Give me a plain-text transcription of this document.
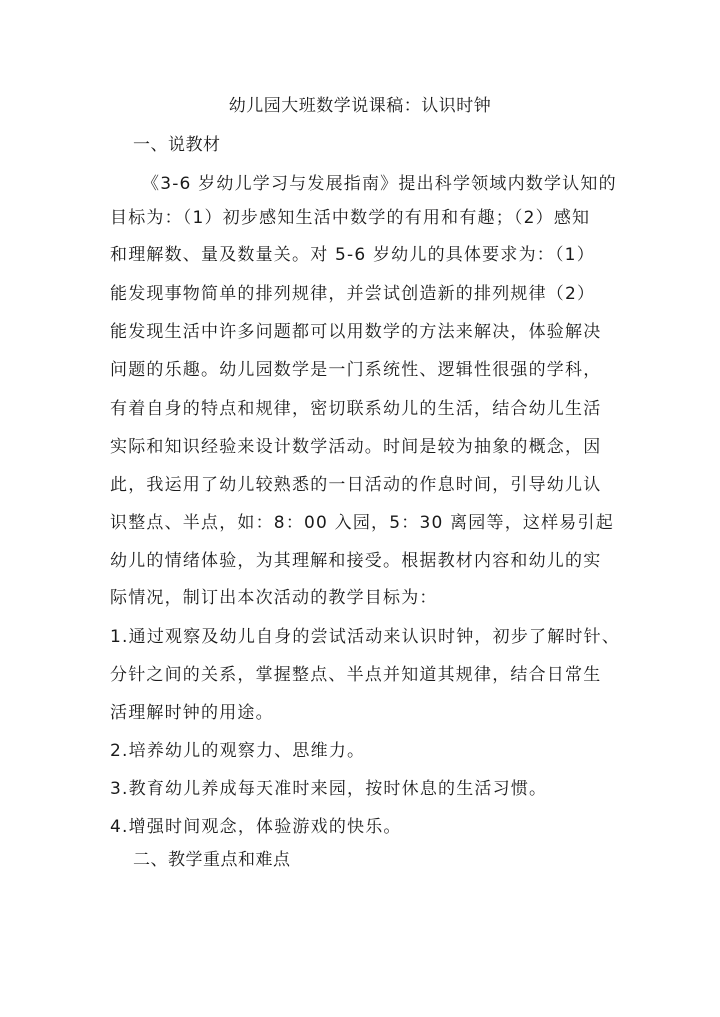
幼儿园大班数学说课稿：认识时钟
一、说教材
《3-6 岁幼儿学习与发展指南》提出科学领域内数学认知的
目标为：（1）初步感知生活中数学的有用和有趣；（2）感知
和理解数、量及数量关。对 5-6 岁幼儿的具体要求为：（1）
能发现事物简单的排列规律，并尝试创造新的排列规律（2）
能发现生活中许多问题都可以用数学的方法来解决，体验解决
问题的乐趣。幼儿园数学是一门系统性、逻辑性很强的学科，
有着自身的特点和规律，密切联系幼儿的生活，结合幼儿生活
实际和知识经验来设计数学活动。时间是较为抽象的概念，因
此，我运用了幼儿较熟悉的一日活动的作息时间，引导幼儿认
识整点、半点，如：8：00 入园，5：30 离园等，这样易引起
幼儿的情绪体验，为其理解和接受。根据教材内容和幼儿的实
际情况，制订出本次活动的教学目标为：
1.通过观察及幼儿自身的尝试活动来认识时钟，初步了解时针、
分针之间的关系，掌握整点、半点并知道其规律，结合日常生
活理解时钟的用途。
2.培养幼儿的观察力、思维力。
3.教育幼儿养成每天准时来园，按时休息的生活习惯。
4.增强时间观念，体验游戏的快乐。
二、教学重点和难点
